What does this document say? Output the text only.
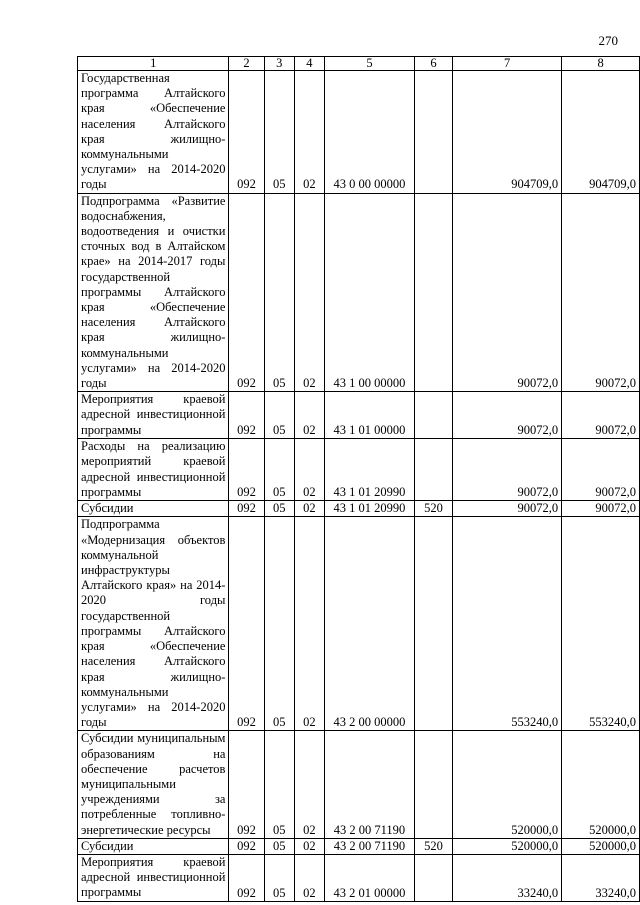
270
1	2	3	4	5	6	7	8

Государственная программа Алтайского края «Обеспечение населения Алтайского края жилищно-коммунальными услугами» на 2014-2020 годы	092	05	02	43 0 00 00000		904709,0	904709,0

Подпрограмма «Развитие водоснабжения, водоотведения и очистки сточных вод в Алтайском крае» на 2014-2017 годы государственной программы Алтайского края «Обеспечение населения Алтайского края жилищно-коммунальными услугами» на 2014-2020 годы	092	05	02	43 1 00 00000		90072,0	90072,0

Мероприятия краевой адресной инвестиционной программы	092	05	02	43 1 01 00000		90072,0	90072,0

Расходы на реализацию мероприятий краевой адресной инвестиционной программы	092	05	02	43 1 01 20990		90072,0	90072,0

Субсидии	092	05	02	43 1 01 20990	520	90072,0	90072,0

Подпрограмма «Модернизация объектов коммунальной инфраструктуры Алтайского края» на 2014-2020 годы государственной программы Алтайского края «Обеспечение населения Алтайского края жилищно-коммунальными услугами» на 2014-2020 годы	092	05	02	43 2 00 00000		553240,0	553240,0

Субсидии муниципальным образованиям на обеспечение расчетов муниципальными учреждениями за потребленные топливно-энергетические ресурсы	092	05	02	43 2 00 71190		520000,0	520000,0

Субсидии	092	05	02	43 2 00 71190	520	520000,0	520000,0

Мероприятия краевой адресной инвестиционной программы	092	05	02	43 2 01 00000		33240,0	33240,0
